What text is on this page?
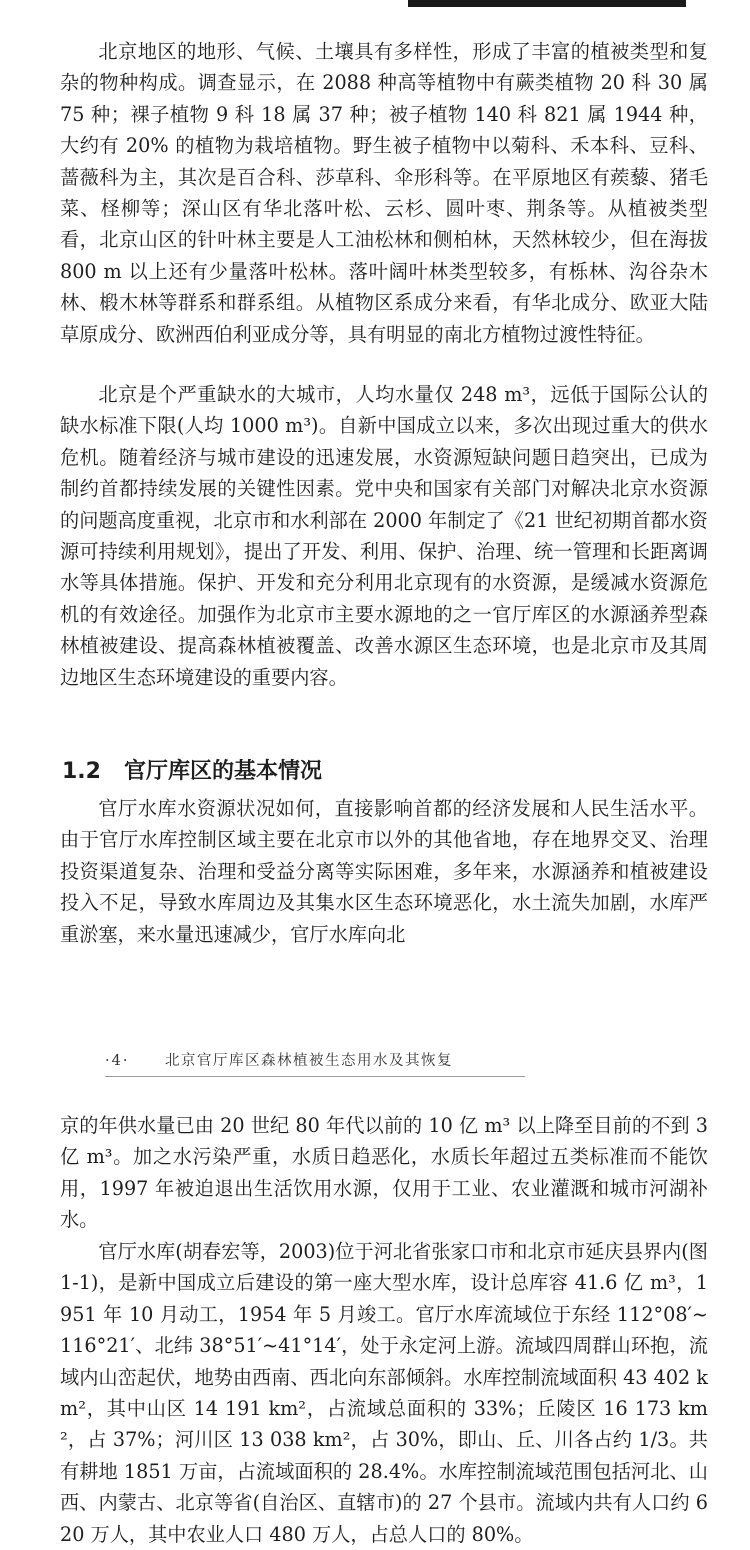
北京地区的地形、气候、土壤具有多样性，形成了丰富的植被类型和复杂的物种构成。调查显示，在 2088 种高等植物中有蕨类植物 20 科 30 属 75 种；裸子植物 9 科 18 属 37 种；被子植物 140 科 821 属 1944 种，大约有 20% 的植物为栽培植物。野生被子植物中以菊科、禾本科、豆科、蔷薇科为主，其次是百合科、莎草科、伞形科等。在平原地区有蒺藜、猪毛菜、柽柳等；深山区有华北落叶松、云杉、圆叶枣、荆条等。从植被类型看，北京山区的针叶林主要是人工油松林和侧柏林，天然林较少，但在海拔 800 m 以上还有少量落叶松林。落叶阔叶林类型较多，有栎林、沟谷杂木林、椴木林等群系和群系组。从植物区系成分来看，有华北成分、欧亚大陆草原成分、欧洲西伯利亚成分等，具有明显的南北方植物过渡性特征。

北京是个严重缺水的大城市，人均水量仅 248 m³，远低于国际公认的缺水标准下限(人均 1000 m³)。自新中国成立以来，多次出现过重大的供水危机。随着经济与城市建设的迅速发展，水资源短缺问题日趋突出，已成为制约首都持续发展的关键性因素。党中央和国家有关部门对解决北京水资源的问题高度重视，北京市和水利部在 2000 年制定了《21 世纪初期首都水资源可持续利用规划》，提出了开发、利用、保护、治理、统一管理和长距离调水等具体措施。保护、开发和充分利用北京现有的水资源，是缓减水资源危机的有效途径。加强作为北京市主要水源地的之一官厅库区的水源涵养型森林植被建设、提高森林植被覆盖、改善水源区生态环境，也是北京市及其周边地区生态环境建设的重要内容。

1.2 官厅库区的基本情况

官厅水库水资源状况如何，直接影响首都的经济发展和人民生活水平。由于官厅水库控制区域主要在北京市以外的其他省地，存在地界交叉、治理投资渠道复杂、治理和受益分离等实际困难，多年来，水源涵养和植被建设投入不足，导致水库周边及其集水区生态环境恶化，水土流失加剧，水库严重淤塞，来水量迅速减少，官厅水库向北

·4· 北京官厅库区森林植被生态用水及其恢复

京的年供水量已由 20 世纪 80 年代以前的 10 亿 m³ 以上降至目前的不到 3 亿 m³。加之水污染严重，水质日趋恶化，水质长年超过五类标准而不能饮用，1997 年被迫退出生活饮用水源，仅用于工业、农业灌溉和城市河湖补水。

官厅水库(胡春宏等，2003)位于河北省张家口市和北京市延庆县界内(图 1-1)，是新中国成立后建设的第一座大型水库，设计总库容 41.6 亿 m³，1951 年 10 月动工，1954 年 5 月竣工。官厅水库流域位于东经 112°08′~116°21′、北纬 38°51′~41°14′，处于永定河上游。流域四周群山环抱，流域内山峦起伏，地势由西南、西北向东部倾斜。水库控制流域面积 43 402 km²，其中山区 14 191 km²，占流域总面积的 33%；丘陵区 16 173 km²，占 37%；河川区 13 038 km²，占 30%，即山、丘、川各占约 1/3。共有耕地 1851 万亩，占流域面积的 28.4%。水库控制流域范围包括河北、山西、内蒙古、北京等省(自治区、直辖市)的 27 个县市。流域内共有人口约 620 万人，其中农业人口 480 万人，占总人口的 80%。
